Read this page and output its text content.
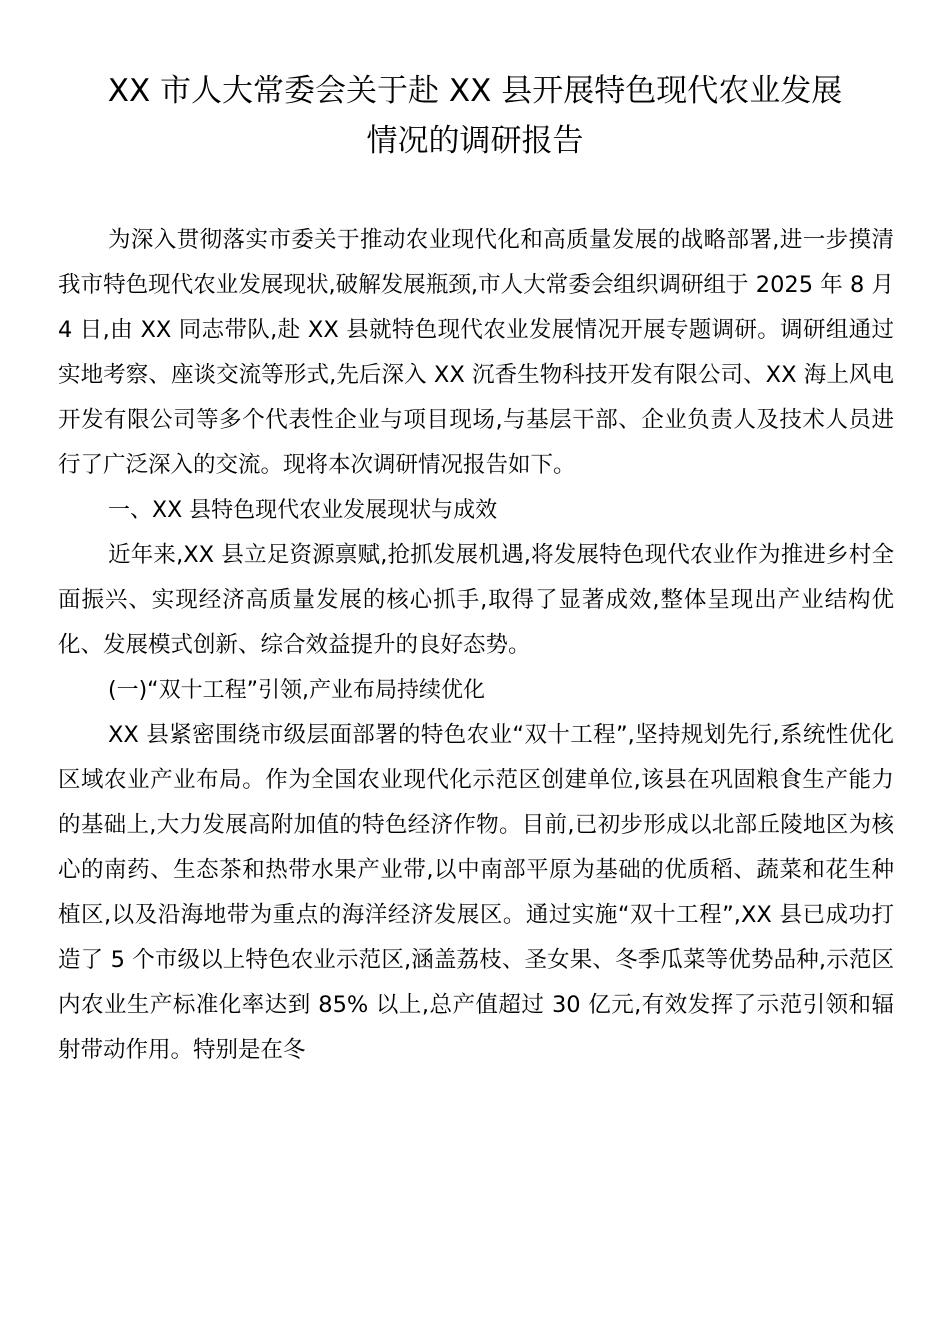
XX 市人大常委会关于赴 XX 县开展特色现代农业发展
情况的调研报告

为深入贯彻落实市委关于推动农业现代化和高质量发展的战略部署,进一步摸清我市特色现代农业发展现状,破解发展瓶颈,市人大常委会组织调研组于 2025 年 8 月 4 日,由 XX 同志带队,赴 XX 县就特色现代农业发展情况开展专题调研。调研组通过实地考察、座谈交流等形式,先后深入 XX 沉香生物科技开发有限公司、XX 海上风电开发有限公司等多个代表性企业与项目现场,与基层干部、企业负责人及技术人员进行了广泛深入的交流。现将本次调研情况报告如下。

一、XX 县特色现代农业发展现状与成效

近年来,XX 县立足资源禀赋,抢抓发展机遇,将发展特色现代农业作为推进乡村全面振兴、实现经济高质量发展的核心抓手,取得了显著成效,整体呈现出产业结构优化、发展模式创新、综合效益提升的良好态势。

(一)“双十工程”引领,产业布局持续优化

XX 县紧密围绕市级层面部署的特色农业“双十工程”,坚持规划先行,系统性优化区域农业产业布局。作为全国农业现代化示范区创建单位,该县在巩固粮食生产能力的基础上,大力发展高附加值的特色经济作物。目前,已初步形成以北部丘陵地区为核心的南药、生态茶和热带水果产业带,以中南部平原为基础的优质稻、蔬菜和花生种植区,以及沿海地带为重点的海洋经济发展区。通过实施“双十工程”,XX 县已成功打造了 5 个市级以上特色农业示范区,涵盖荔枝、圣女果、冬季瓜菜等优势品种,示范区内农业生产标准化率达到 85% 以上,总产值超过 30 亿元,有效发挥了示范引领和辐射带动作用。特别是在冬
